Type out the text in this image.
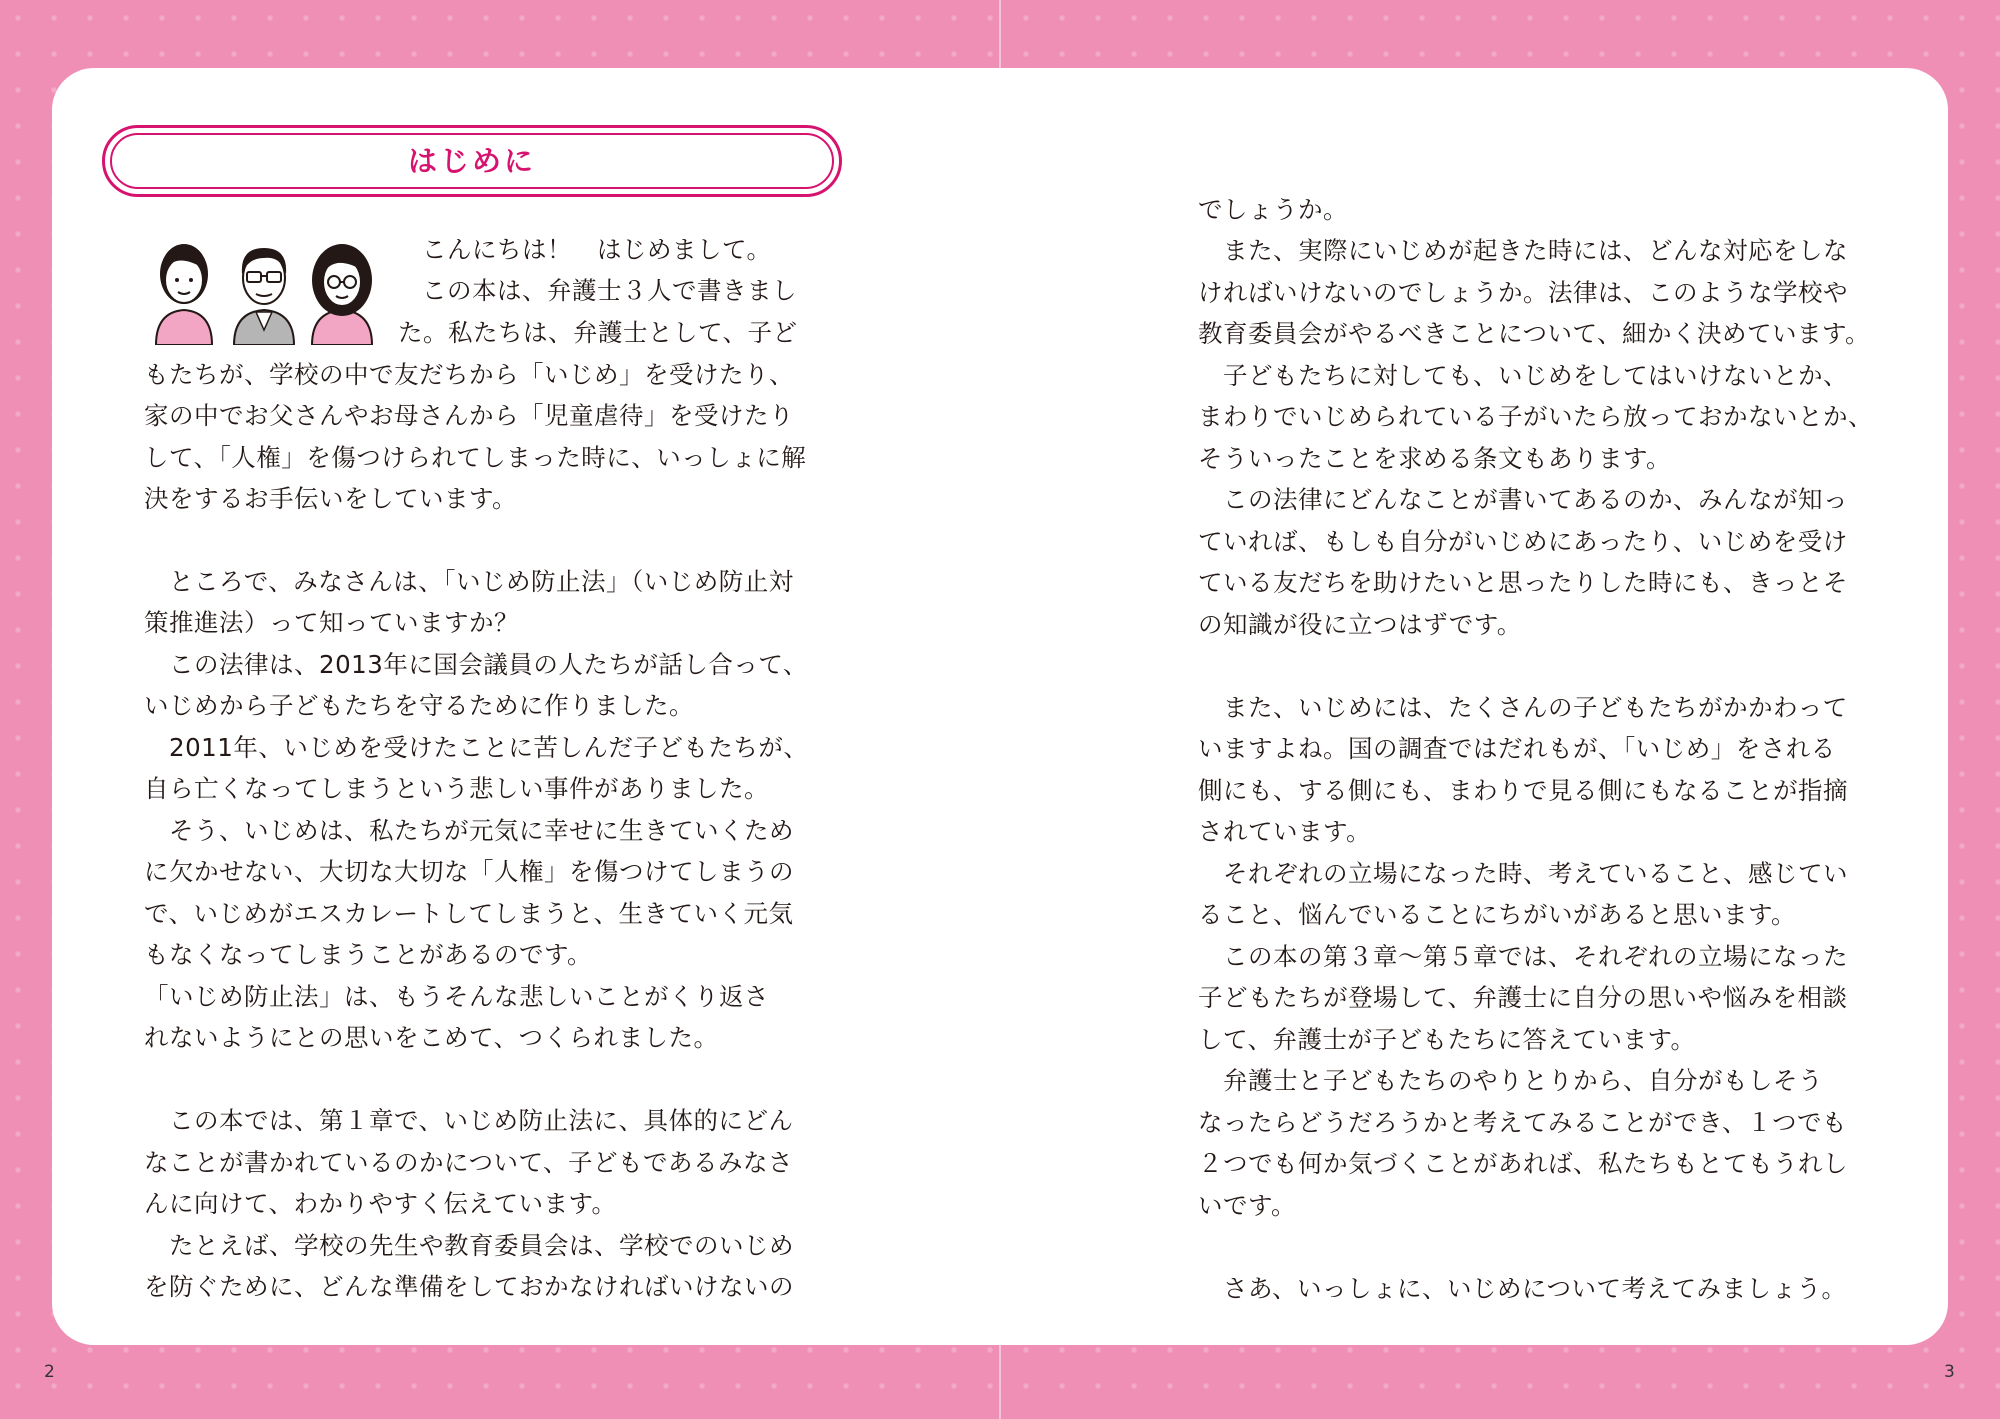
はじめに
こんにちは！　はじめまして。
この本は、弁護士３人で書きまし
た。私たちは、弁護士として、子ど
もたちが、学校の中で友だちから「いじめ」を受けたり、
家の中でお父さんやお母さんから「児童虐待」を受けたり
して、「人権」を傷つけられてしまった時に、いっしょに解
決をするお手伝いをしています。
　ところで、みなさんは、「いじめ防止法」（いじめ防止対
策推進法）って知っていますか？
　この法律は、2013年に国会議員の人たちが話し合って、
いじめから子どもたちを守るために作りました。
　2011年、いじめを受けたことに苦しんだ子どもたちが、
自ら亡くなってしまうという悲しい事件がありました。
　そう、いじめは、私たちが元気に幸せに生きていくため
に欠かせない、大切な大切な「人権」を傷つけてしまうの
で、いじめがエスカレートしてしまうと、生きていく元気
もなくなってしまうことがあるのです。
「いじめ防止法」は、もうそんな悲しいことがくり返さ
れないようにとの思いをこめて、つくられました。
　この本では、第１章で、いじめ防止法に、具体的にどん
なことが書かれているのかについて、子どもであるみなさ
んに向けて、わかりやすく伝えています。
　たとえば、学校の先生や教育委員会は、学校でのいじめ
を防ぐために、どんな準備をしておかなければいけないの
でしょうか。
　また、実際にいじめが起きた時には、どんな対応をしな
ければいけないのでしょうか。法律は、このような学校や
教育委員会がやるべきことについて、細かく決めています。
　子どもたちに対しても、いじめをしてはいけないとか、
まわりでいじめられている子がいたら放っておかないとか、
そういったことを求める条文もあります。
　この法律にどんなことが書いてあるのか、みんなが知っ
ていれば、もしも自分がいじめにあったり、いじめを受け
ている友だちを助けたいと思ったりした時にも、きっとそ
の知識が役に立つはずです。
　また、いじめには、たくさんの子どもたちがかかわって
いますよね。国の調査ではだれもが、「いじめ」をされる
側にも、する側にも、まわりで見る側にもなることが指摘
されています。
　それぞれの立場になった時、考えていること、感じてい
ること、悩んでいることにちがいがあると思います。
　この本の第３章～第５章では、それぞれの立場になった
子どもたちが登場して、弁護士に自分の思いや悩みを相談
して、弁護士が子どもたちに答えています。
　弁護士と子どもたちのやりとりから、自分がもしそう
なったらどうだろうかと考えてみることができ、１つでも
２つでも何か気づくことがあれば、私たちもとてもうれし
いです。
　さあ、いっしょに、いじめについて考えてみましょう。
2	3
